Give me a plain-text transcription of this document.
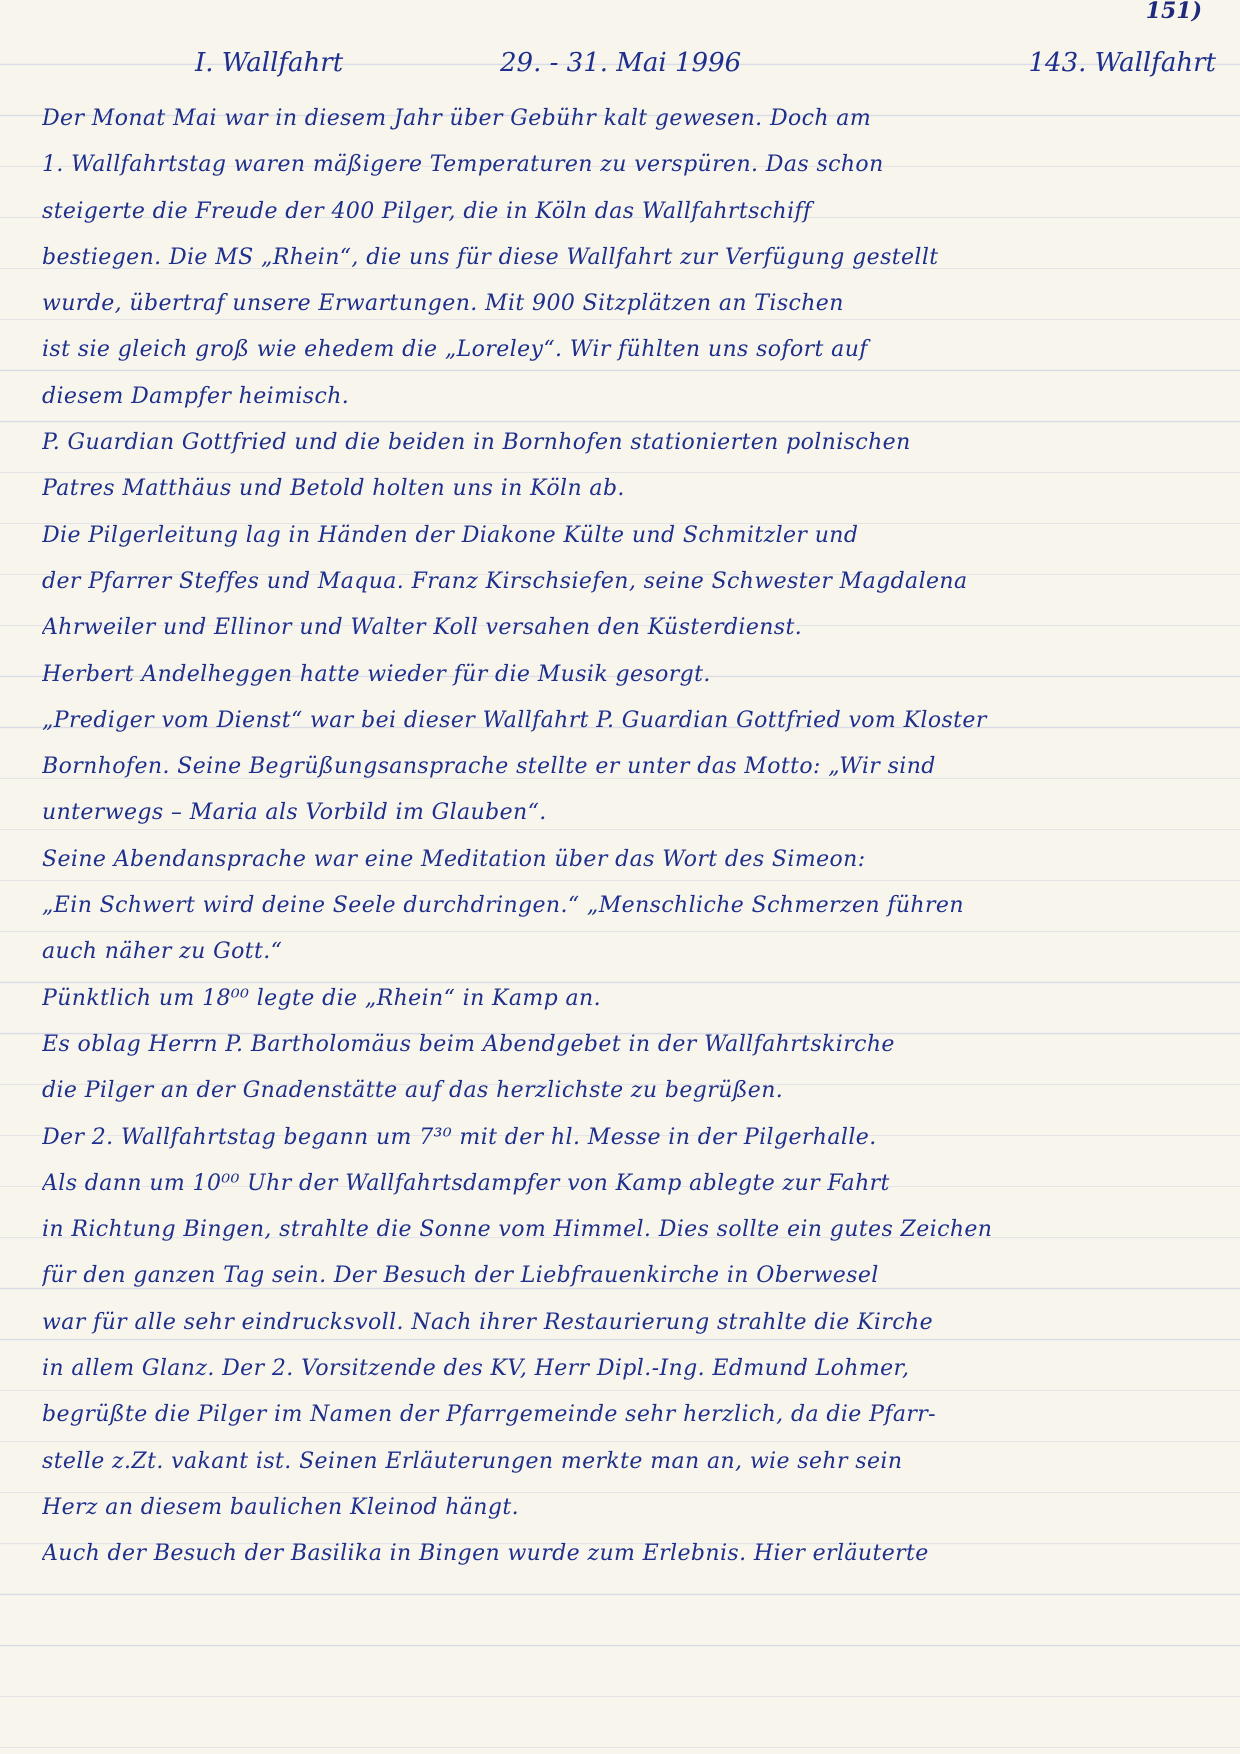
151)
I. Wallfahrt	29. - 31. Mai 1996	143. Wallfahrt
Der Monat Mai war in diesem Jahr über Gebühr kalt gewesen. Doch am
1. Wallfahrtstag waren mäßigere Temperaturen zu verspüren. Das schon
steigerte die Freude der 400 Pilger, die in Köln das Wallfahrtschiff
bestiegen. Die MS „Rhein“, die uns für diese Wallfahrt zur Verfügung gestellt
wurde, übertraf unsere Erwartungen. Mit 900 Sitzplätzen an Tischen
ist sie gleich groß wie ehedem die „Loreley“. Wir fühlten uns sofort auf
diesem Dampfer heimisch.
P. Guardian Gottfried und die beiden in Bornhofen stationierten polnischen
Patres Matthäus und Betold holten uns in Köln ab.
Die Pilgerleitung lag in Händen der Diakone Külte und Schmitzler und
der Pfarrer Steffes und Maqua. Franz Kirschsiefen, seine Schwester Magdalena
Ahrweiler und Ellinor und Walter Koll versahen den Küsterdienst.
Herbert Andelheggen hatte wieder für die Musik gesorgt.
„Prediger vom Dienst“ war bei dieser Wallfahrt P. Guardian Gottfried vom Kloster
Bornhofen. Seine Begrüßungsansprache stellte er unter das Motto: „Wir sind
unterwegs – Maria als Vorbild im Glauben“.
Seine Abendansprache war eine Meditation über das Wort des Simeon:
„Ein Schwert wird deine Seele durchdringen.“ „Menschliche Schmerzen führen
auch näher zu Gott.“
Pünktlich um 18⁰⁰ legte die „Rhein“ in Kamp an.
Es oblag Herrn P. Bartholomäus beim Abendgebet in der Wallfahrtskirche
die Pilger an der Gnadenstätte auf das herzlichste zu begrüßen.
Der 2. Wallfahrtstag begann um 7³⁰ mit der hl. Messe in der Pilgerhalle.
Als dann um 10⁰⁰ Uhr der Wallfahrtsdampfer von Kamp ablegte zur Fahrt
in Richtung Bingen, strahlte die Sonne vom Himmel. Dies sollte ein gutes Zeichen
für den ganzen Tag sein. Der Besuch der Liebfrauenkirche in Oberwesel
war für alle sehr eindrucksvoll. Nach ihrer Restaurierung strahlte die Kirche
in allem Glanz. Der 2. Vorsitzende des KV, Herr Dipl.-Ing. Edmund Lohmer,
begrüßte die Pilger im Namen der Pfarrgemeinde sehr herzlich, da die Pfarr-
stelle z.Zt. vakant ist. Seinen Erläuterungen merkte man an, wie sehr sein
Herz an diesem baulichen Kleinod hängt.
Auch der Besuch der Basilika in Bingen wurde zum Erlebnis. Hier erläuterte
